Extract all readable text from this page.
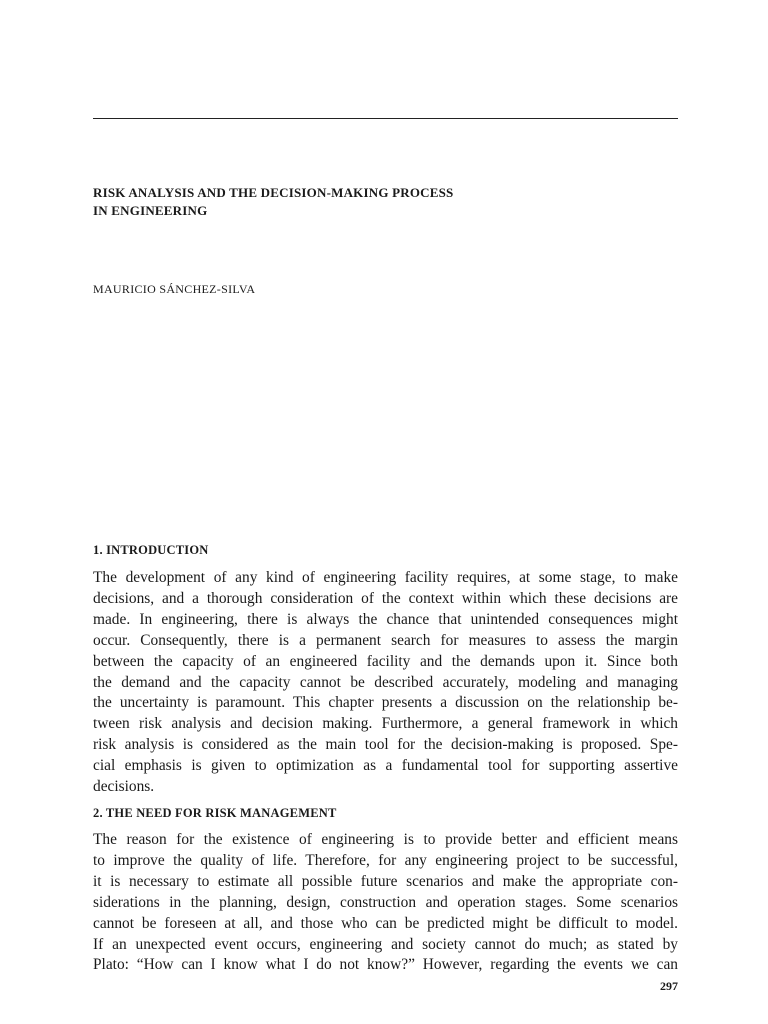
RISK ANALYSIS AND THE DECISION-MAKING PROCESS
IN ENGINEERING
MAURICIO SÁNCHEZ-SILVA
1. INTRODUCTION
The development of any kind of engineering facility requires, at some stage, to make
decisions, and a thorough consideration of the context within which these decisions are
made. In engineering, there is always the chance that unintended consequences might
occur. Consequently, there is a permanent search for measures to assess the margin
between the capacity of an engineered facility and the demands upon it. Since both
the demand and the capacity cannot be described accurately, modeling and managing
the uncertainty is paramount. This chapter presents a discussion on the relationship be-
tween risk analysis and decision making. Furthermore, a general framework in which
risk analysis is considered as the main tool for the decision-making is proposed. Spe-
cial emphasis is given to optimization as a fundamental tool for supporting assertive
decisions.
2. THE NEED FOR RISK MANAGEMENT
The reason for the existence of engineering is to provide better and efficient means
to improve the quality of life. Therefore, for any engineering project to be successful,
it is necessary to estimate all possible future scenarios and make the appropriate con-
siderations in the planning, design, construction and operation stages. Some scenarios
cannot be foreseen at all, and those who can be predicted might be difficult to model.
If an unexpected event occurs, engineering and society cannot do much; as stated by
Plato: “How can I know what I do not know?” However, regarding the events we can
297
